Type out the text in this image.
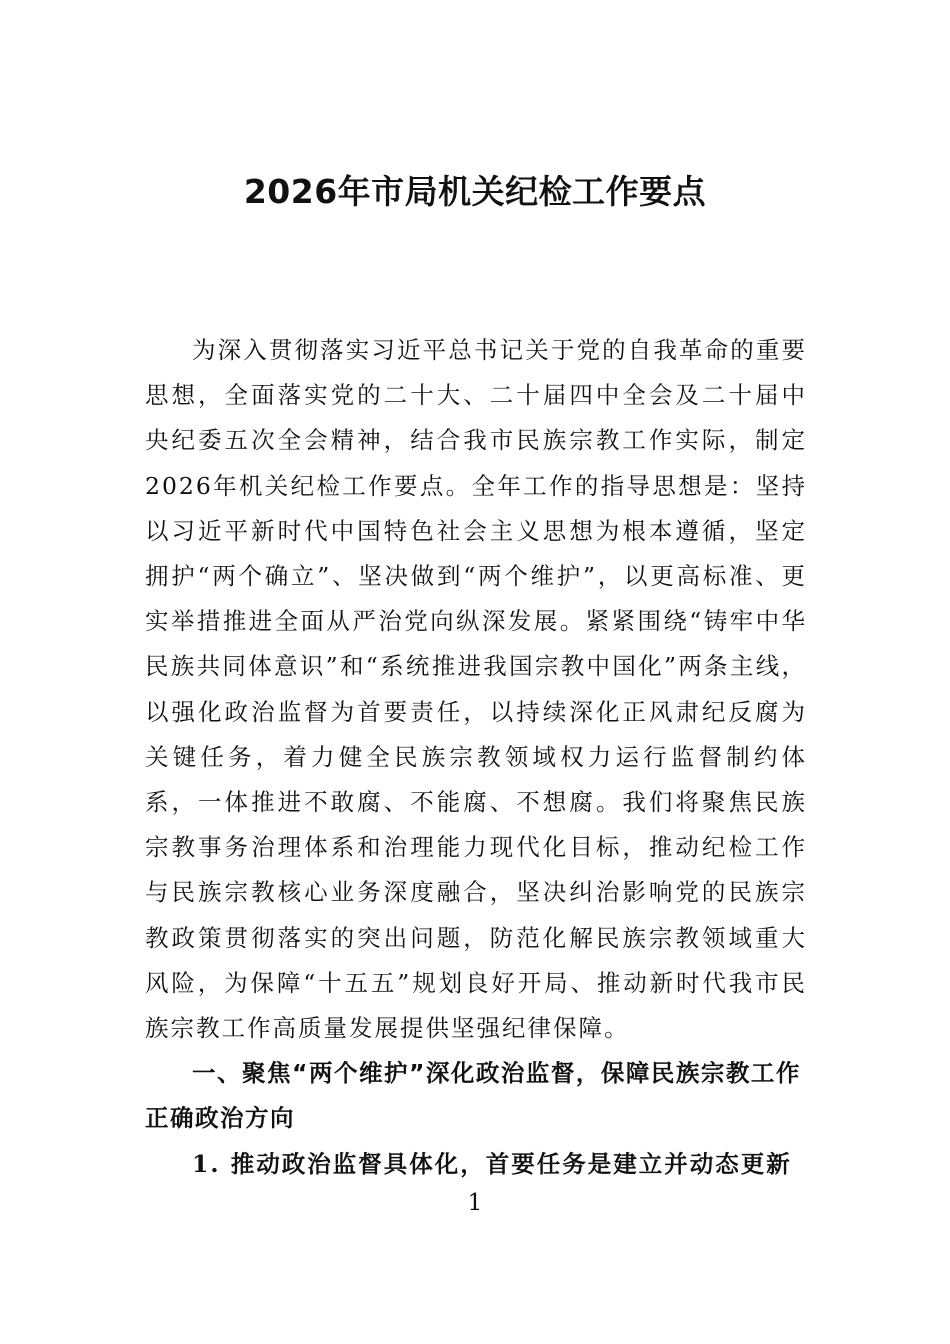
2026年市局机关纪检工作要点

为深入贯彻落实习近平总书记关于党的自我革命的重要思想，全面落实党的二十大、二十届四中全会及二十届中央纪委五次全会精神，结合我市民族宗教工作实际，制定2026年机关纪检工作要点。全年工作的指导思想是：坚持以习近平新时代中国特色社会主义思想为根本遵循，坚定拥护“两个确立”、坚决做到“两个维护”，以更高标准、更实举措推进全面从严治党向纵深发展。紧紧围绕“铸牢中华民族共同体意识”和“系统推进我国宗教中国化”两条主线，以强化政治监督为首要责任，以持续深化正风肃纪反腐为关键任务，着力健全民族宗教领域权力运行监督制约体系，一体推进不敢腐、不能腐、不想腐。我们将聚焦民族宗教事务治理体系和治理能力现代化目标，推动纪检工作与民族宗教核心业务深度融合，坚决纠治影响党的民族宗教政策贯彻落实的突出问题，防范化解民族宗教领域重大风险，为保障“十五五”规划良好开局、推动新时代我市民族宗教工作高质量发展提供坚强纪律保障。

一、聚焦“两个维护”深化政治监督，保障民族宗教工作正确政治方向

1. 推动政治监督具体化，首要任务是建立并动态更新

1
